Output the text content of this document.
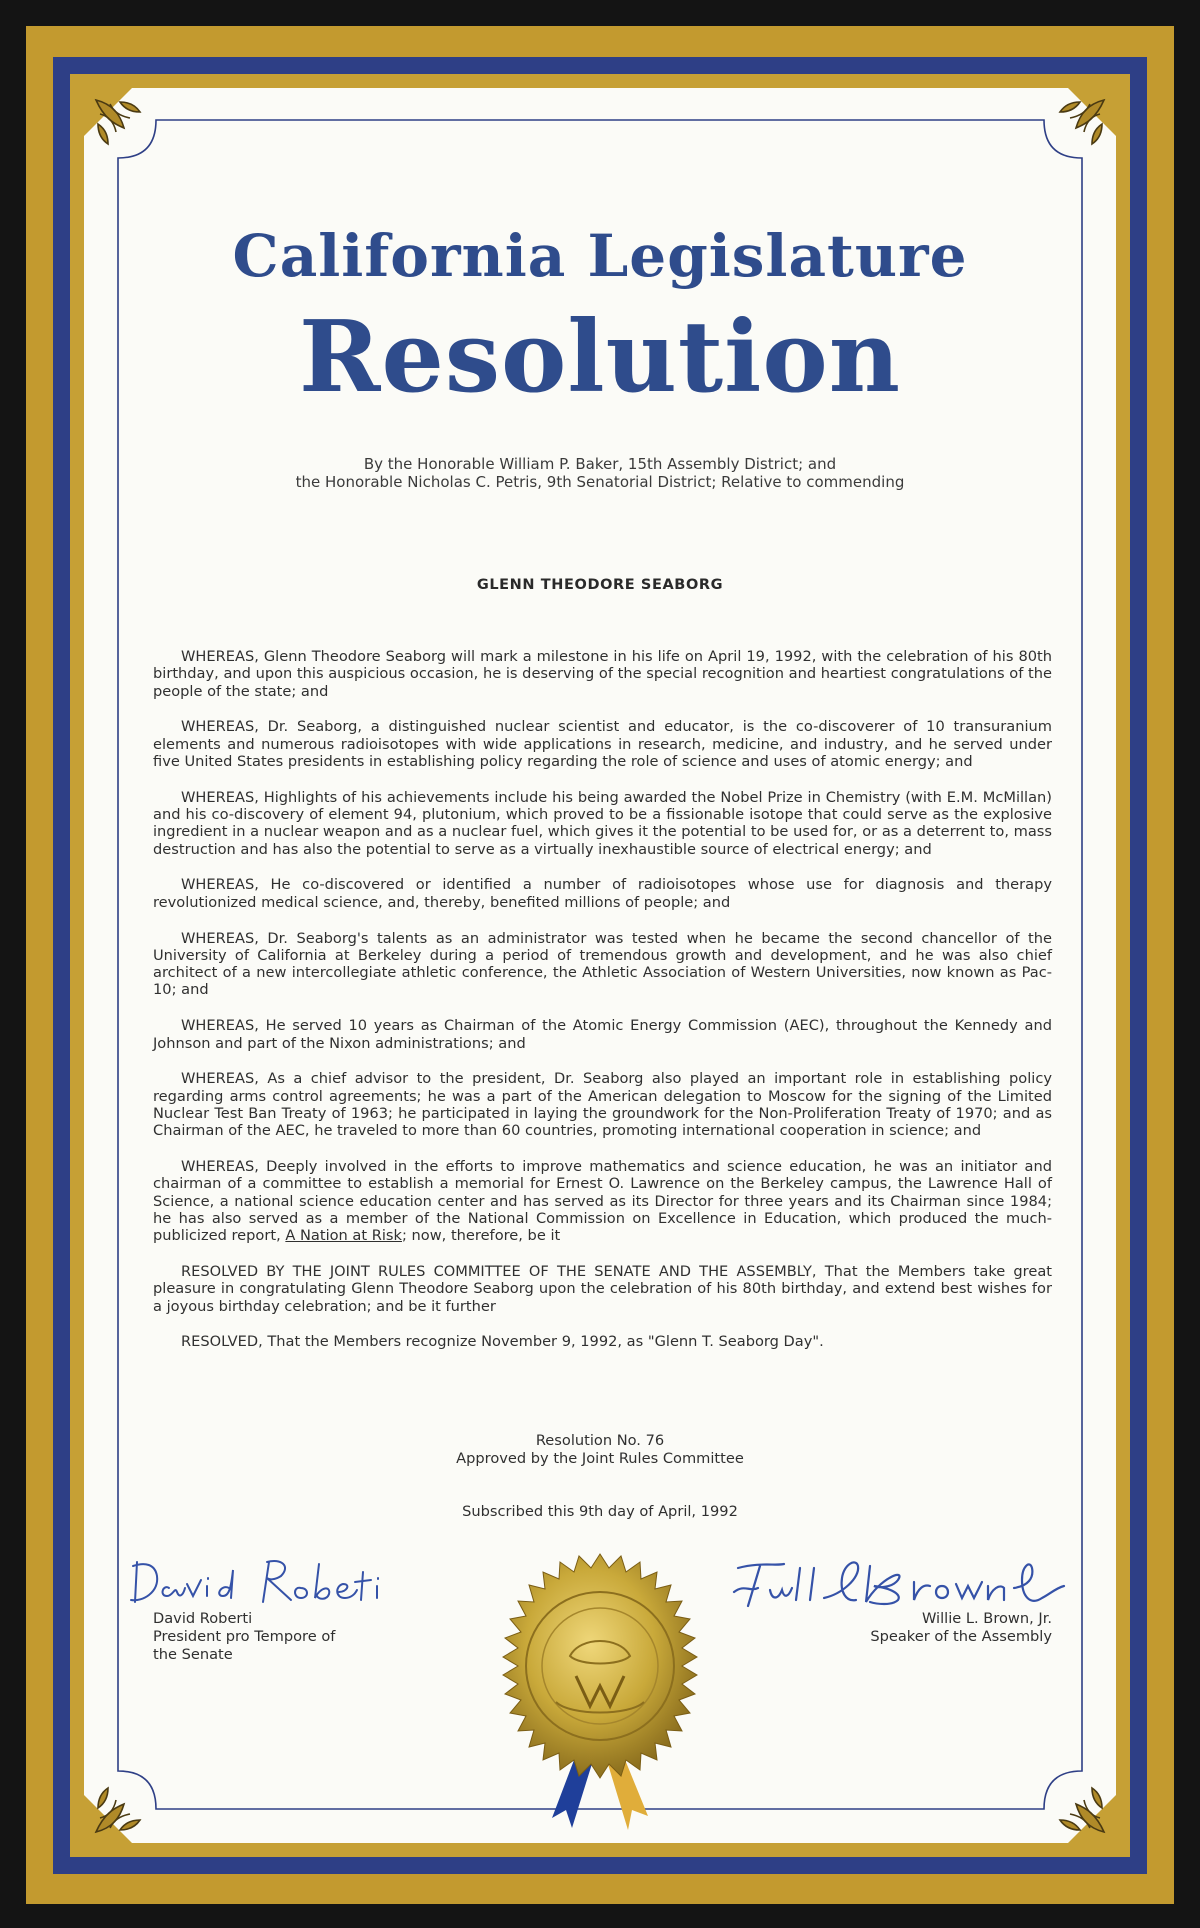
California Legislature
Resolution
By the Honorable William P. Baker, 15th Assembly District; and
the Honorable Nicholas C. Petris, 9th Senatorial District; Relative to commending
GLENN THEODORE SEABORG

WHEREAS, Glenn Theodore Seaborg will mark a milestone in his life on April 19, 1992, with the celebration of his 80th birthday, and upon this auspicious occasion, he is deserving of the special recognition and heartiest congratulations of the people of the state; and

WHEREAS, Dr. Seaborg, a distinguished nuclear scientist and educator, is the co-discoverer of 10 transuranium elements and numerous radioisotopes with wide applications in research, medicine, and industry, and he served under five United States presidents in establishing policy regarding the role of science and uses of atomic energy; and

WHEREAS, Highlights of his achievements include his being awarded the Nobel Prize in Chemistry (with E.M. McMillan) and his co-discovery of element 94, plutonium, which proved to be a fissionable isotope that could serve as the explosive ingredient in a nuclear weapon and as a nuclear fuel, which gives it the potential to be used for, or as a deterrent to, mass destruction and has also the potential to serve as a virtually inexhaustible source of electrical energy; and

WHEREAS, He co-discovered or identified a number of radioisotopes whose use for diagnosis and therapy revolutionized medical science, and, thereby, benefited millions of people; and

WHEREAS, Dr. Seaborg's talents as an administrator was tested when he became the second chancellor of the University of California at Berkeley during a period of tremendous growth and development, and he was also chief architect of a new intercollegiate athletic conference, the Athletic Association of Western Universities, now known as Pac-10; and

WHEREAS, He served 10 years as Chairman of the Atomic Energy Commission (AEC), throughout the Kennedy and Johnson and part of the Nixon administrations; and

WHEREAS, As a chief advisor to the president, Dr. Seaborg also played an important role in establishing policy regarding arms control agreements; he was a part of the American delegation to Moscow for the signing of the Limited Nuclear Test Ban Treaty of 1963; he participated in laying the groundwork for the Non-Proliferation Treaty of 1970; and as Chairman of the AEC, he traveled to more than 60 countries, promoting international cooperation in science; and

WHEREAS, Deeply involved in the efforts to improve mathematics and science education, he was an initiator and chairman of a committee to establish a memorial for Ernest O. Lawrence on the Berkeley campus, the Lawrence Hall of Science, a national science education center and has served as its Director for three years and its Chairman since 1984; he has also served as a member of the National Commission on Excellence in Education, which produced the much-publicized report, A Nation at Risk; now, therefore, be it

RESOLVED BY THE JOINT RULES COMMITTEE OF THE SENATE AND THE ASSEMBLY, That the Members take great pleasure in congratulating Glenn Theodore Seaborg upon the celebration of his 80th birthday, and extend best wishes for a joyous birthday celebration; and be it further

RESOLVED, That the Members recognize November 9, 1992, as "Glenn T. Seaborg Day".

Resolution No. 76
Approved by the Joint Rules Committee
Subscribed this 9th day of April, 1992
David Roberti
President pro Tempore of
the Senate
Willie L. Brown, Jr.
Speaker of the Assembly
